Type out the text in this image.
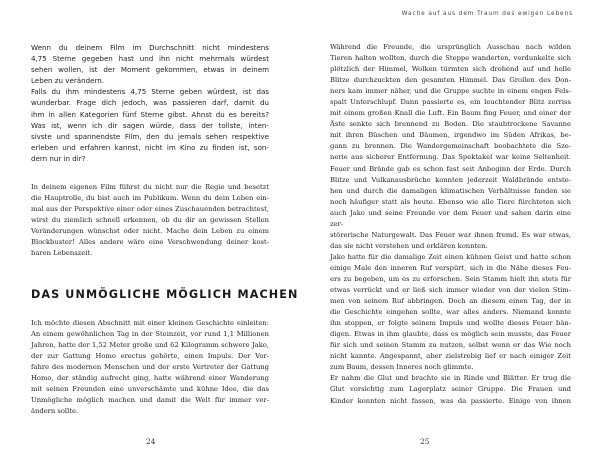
Wenn du deinem Film im Durchschnitt nicht mindestens
4,75 Sterne gegeben hast und ihn nicht mehrmals würdest
sehen wollen, ist der Moment gekommen, etwas in deinem
Leben zu verändern.
Falls du ihm mindestens 4,75 Sterne geben würdest, ist das
wunderbar. Frage dich jedoch, was passieren darf, damit du
ihm in allen Kategorien fünf Sterne gibst. Ahnst du es bereits?
Was ist, wenn ich dir sagen würde, dass der tollste, inten-
sivste und spannendste Film, den du jemals sehen respektive
erleben und erfahren kannst, nicht im Kino zu finden ist, son-
dern nur in dir?
In deinem eigenen Film führst du nicht nur die Regie und besetzt
die Hauptrolle, du bist auch im Publikum. Wenn du dein Leben ein-
mal aus der Perspektive einer oder eines Zuschauenden betrachtest,
wirst du ziemlich schnell erkennen, ob du dir an gewissen Stellen
Veränderungen wünschst oder nicht. Mache dein Leben zu einem
Blockbuster! Alles andere wäre eine Verschwendung deiner kost-
baren Lebenszeit.
DAS UNMÖGLICHE MÖGLICH MACHEN
Ich möchte diesen Abschnitt mit einer kleinen Geschichte einleiten:
An einem gewöhnlichen Tag in der Steinzeit, vor rund 1,1 Millionen
Jahren, hatte der 1,52 Meter große und 62 Kilogramm schwere Jako,
der zur Gattung Homo erectus gehörte, einen Impuls. Der Vor-
fahre des modernen Menschen und der erste Vertreter der Gattung
Homo, der ständig aufrecht ging, hatte während einer Wanderung
mit seinen Freunden eine unverschämte und kühne Idee, die das
Unmögliche möglich machen und damit die Welt für immer ver-
ändern sollte.
24
Wache auf aus dem Traum des ewigen Lebens
Während die Freunde, die ursprünglich Ausschau nach wilden
Tieren halten wollten, durch die Steppe wanderten, verdunkelte sich
plötzlich der Himmel, Wolken türmten sich drohend auf und helle
Blitze durchzuckten den gesamten Himmel. Das Grollen des Don-
ners kam immer näher, und die Gruppe suchte in einem engen Fels-
spalt Unterschlupf. Dann passierte es, ein leuchtender Blitz zerriss
mit einem großen Knall die Luft. Ein Baum fing Feuer, und einer der
Äste senkte sich brennend zu Boden. Die staubtrockene Savanne
mit ihren Büschen und Bäumen, irgendwo im Süden Afrikas, be-
gann zu brennen. Die Wandergemeinschaft beobachtete die Sze-
nerie aus sicherer Entfernung. Das Spektakel war keine Seltenheit.
Feuer und Brände gab es schon fast seit Anbeginn der Erde. Durch
Blitze und Vulkanausbrüche konnten jederzeit Waldbrände entste-
hen und durch die damaligen klimatischen Verhältnisse fanden sie
noch häufiger statt als heute. Ebenso wie alle Tiere fürchteten sich
auch Jako und seine Freunde vor dem Feuer und sahen darin eine zer-
störerische Naturgewalt. Das Feuer war ihnen fremd. Es war etwas,
das sie nicht verstehen und erklären konnten.
Jako hatte für die damalige Zeit einen kühnen Geist und hatte schon
einige Male den inneren Ruf verspürt, sich in die Nähe dieses Feu-
ers zu begeben, um es zu erforschen. Sein Stamm hielt ihn stets für
etwas verrückt und er ließ sich immer wieder von der vielen Stim-
men von seinem Ruf abbringen. Doch an diesem einen Tag, der in
die Geschichte eingehen sollte, war alles anders. Niemand konnte
ihn stoppen, er folgte seinem Impuls und wollte dieses Feuer bän-
digen. Etwas in ihm glaubte, dass es möglich sein musste, das Feuer
für sich und seinen Stamm zu nutzen, selbst wenn er das Wie noch
nicht kannte. Angespannt, aber zielstrebig lief er nach einiger Zeit
zum Baum, dessen Inneres noch glimmte.
Er nahm die Glut und brachte sie in Rinde und Blätter. Er trug die
Glut vorsichtig zum Lagerplatz seiner Gruppe. Die Frauen und
Kinder konnten nicht fassen, was da passierte. Einige von ihnen
25
